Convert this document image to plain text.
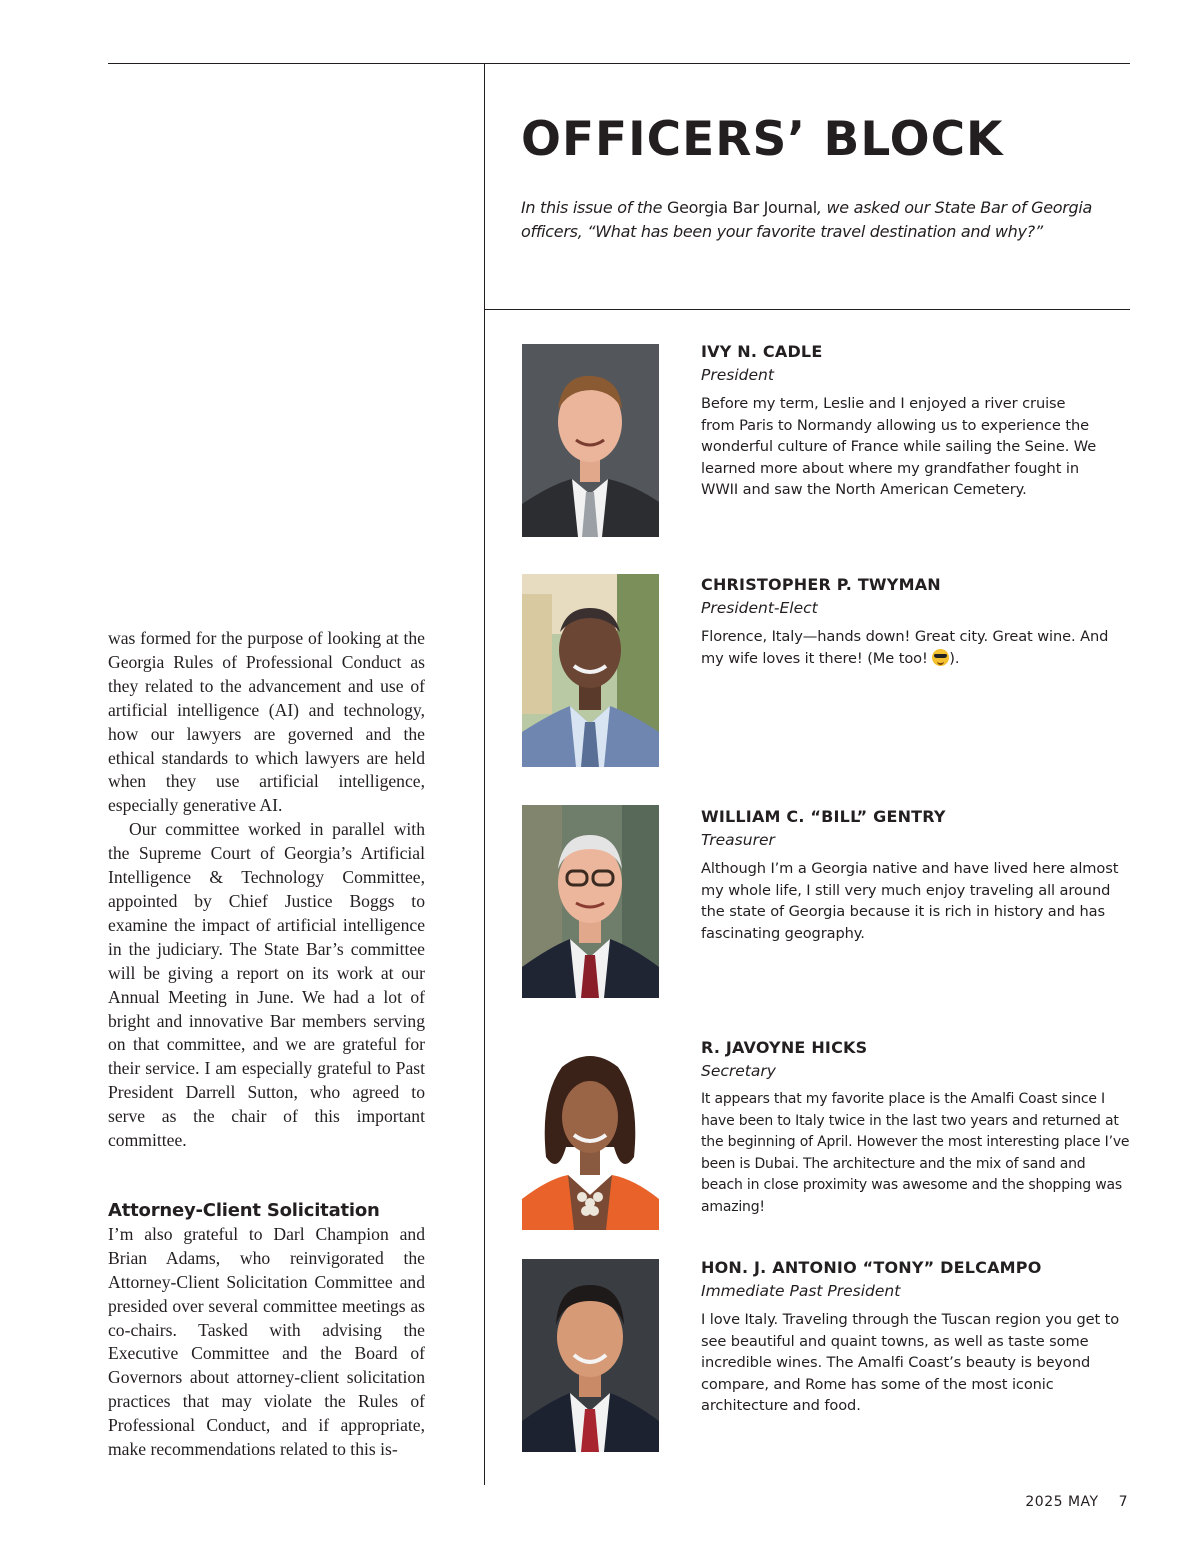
was formed for the purpose of looking at the Georgia Rules of Professional Conduct as they related to the advancement and use of artificial intelligence (AI) and technology, how our lawyers are governed and the ethical standards to which lawyers are held when they use artificial intelligence, especially generative AI.

Our committee worked in parallel with the Supreme Court of Georgia’s Artificial Intelligence & Technology Committee, appointed by Chief Justice Boggs to examine the impact of artificial intelligence in the judiciary. The State Bar’s committee will be giving a report on its work at our Annual Meeting in June. We had a lot of bright and innovative Bar members serving on that committee, and we are grateful for their service. I am especially grateful to Past President Darrell Sutton, who agreed to serve as the chair of this important committee.

Attorney-Client Solicitation

I’m also grateful to Darl Champion and Brian Adams, who reinvigorated the Attorney-Client Solicitation Committee and presided over several committee meetings as co-chairs. Tasked with advising the Executive Committee and the Board of Governors about attorney-client solicitation practices that may violate the Rules of Professional Conduct, and if appropriate, make recommendations related to this is-

OFFICERS’ BLOCK

In this issue of the Georgia Bar Journal, we asked our State Bar of Georgia officers, “What has been your favorite travel destination and why?”

IVY N. CADLE

President

Before my term, Leslie and I enjoyed a river cruise from Paris to Normandy allowing us to experience the wonderful culture of France while sailing the Seine. We learned more about where my grandfather fought in WWII and saw the North American Cemetery.

CHRISTOPHER P. TWYMAN

President-Elect

Florence, Italy—hands down! Great city. Great wine. And my wife loves it there! (Me too! ).

WILLIAM C. “BILL” GENTRY

Treasurer

Although I’m a Georgia native and have lived here almost my whole life, I still very much enjoy traveling all around the state of Georgia because it is rich in history and has fascinating geography.

R. JAVOYNE HICKS

Secretary

It appears that my favorite place is the Amalfi Coast since I have been to Italy twice in the last two years and returned at the beginning of April. However the most interesting place I’ve been is Dubai. The architecture and the mix of sand and beach in close proximity was awesome and the shopping was amazing!

HON. J. ANTONIO “TONY” DELCAMPO

Immediate Past President

I love Italy. Traveling through the Tuscan region you get to see beautiful and quaint towns, as well as taste some incredible wines. The Amalfi Coast’s beauty is beyond compare, and Rome has some of the most iconic architecture and food.

2025 MAY 7
